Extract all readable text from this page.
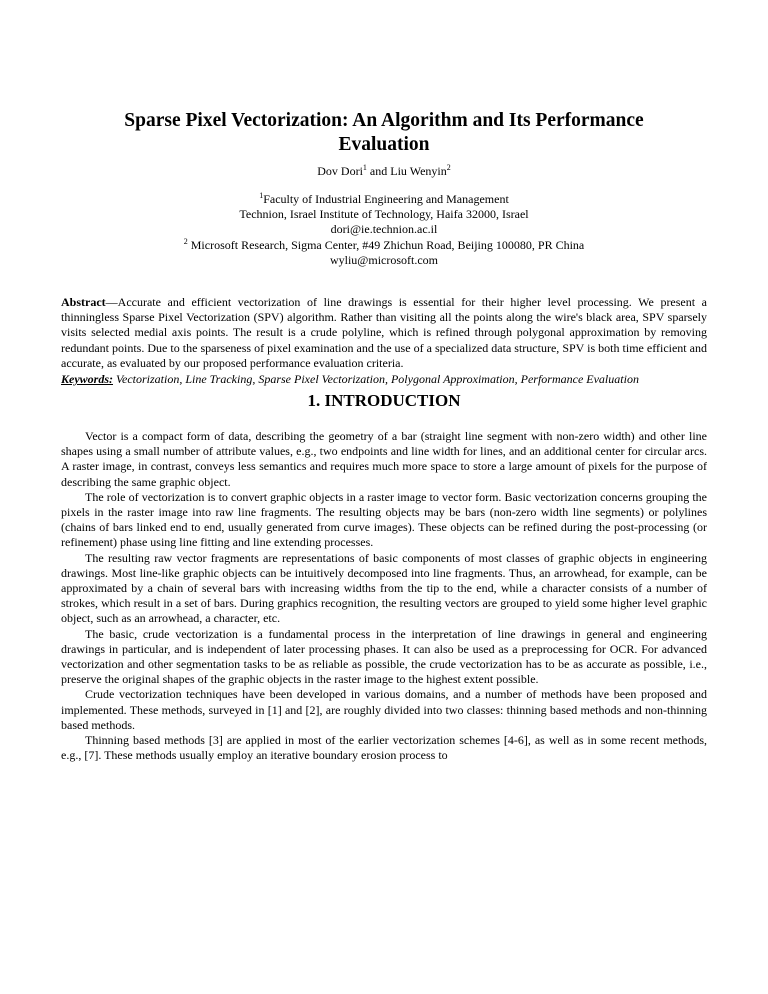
Sparse Pixel Vectorization: An Algorithm and Its Performance Evaluation
Dov Dori$^1$ and Liu Wenyin$^2$
$^1$Faculty of Industrial Engineering and Management
Technion, Israel Institute of Technology, Haifa 32000, Israel
dori@ie.technion.ac.il
$^2$ Microsoft Research, Sigma Center, #49 Zhichun Road, Beijing 100080, PR China
wyliu@microsoft.com

Abstract—Accurate and efficient vectorization of line drawings is essential for their higher level processing. We present a thinningless Sparse Pixel Vectorization (SPV) algorithm. Rather than visiting all the points along the wire's black area, SPV sparsely visits selected medial axis points. The result is a crude polyline, which is refined through polygonal approximation by removing redundant points. Due to the sparseness of pixel examination and the use of a specialized data structure, SPV is both time efficient and accurate, as evaluated by our proposed performance evaluation criteria.

Keywords: Vectorization, Line Tracking, Sparse Pixel Vectorization, Polygonal Approximation, Performance Evaluation

1. INTRODUCTION

Vector is a compact form of data, describing the geometry of a bar (straight line segment with non-zero width) and other line shapes using a small number of attribute values, e.g., two endpoints and line width for lines, and an additional center for circular arcs. A raster image, in contrast, conveys less semantics and requires much more space to store a large amount of pixels for the purpose of describing the same graphic object.

The role of vectorization is to convert graphic objects in a raster image to vector form. Basic vectorization concerns grouping the pixels in the raster image into raw line fragments. The resulting objects may be bars (non-zero width line segments) or polylines (chains of bars linked end to end, usually generated from curve images). These objects can be refined during the post-processing (or refinement) phase using line fitting and line extending processes.

The resulting raw vector fragments are representations of basic components of most classes of graphic objects in engineering drawings. Most line-like graphic objects can be intuitively decomposed into line fragments. Thus, an arrowhead, for example, can be approximated by a chain of several bars with increasing widths from the tip to the end, while a character consists of a number of strokes, which result in a set of bars. During graphics recognition, the resulting vectors are grouped to yield some higher level graphic object, such as an arrowhead, a character, etc.

The basic, crude vectorization is a fundamental process in the interpretation of line drawings in general and engineering drawings in particular, and is independent of later processing phases. It can also be used as a preprocessing for OCR. For advanced vectorization and other segmentation tasks to be as reliable as possible, the crude vectorization has to be as accurate as possible, i.e., preserve the original shapes of the graphic objects in the raster image to the highest extent possible.

Crude vectorization techniques have been developed in various domains, and a number of methods have been proposed and implemented. These methods, surveyed in [1] and [2], are roughly divided into two classes: thinning based methods and non-thinning based methods.

Thinning based methods [3] are applied in most of the earlier vectorization schemes [4-6], as well as in some recent methods, e.g., [7]. These methods usually employ an iterative boundary erosion process to
